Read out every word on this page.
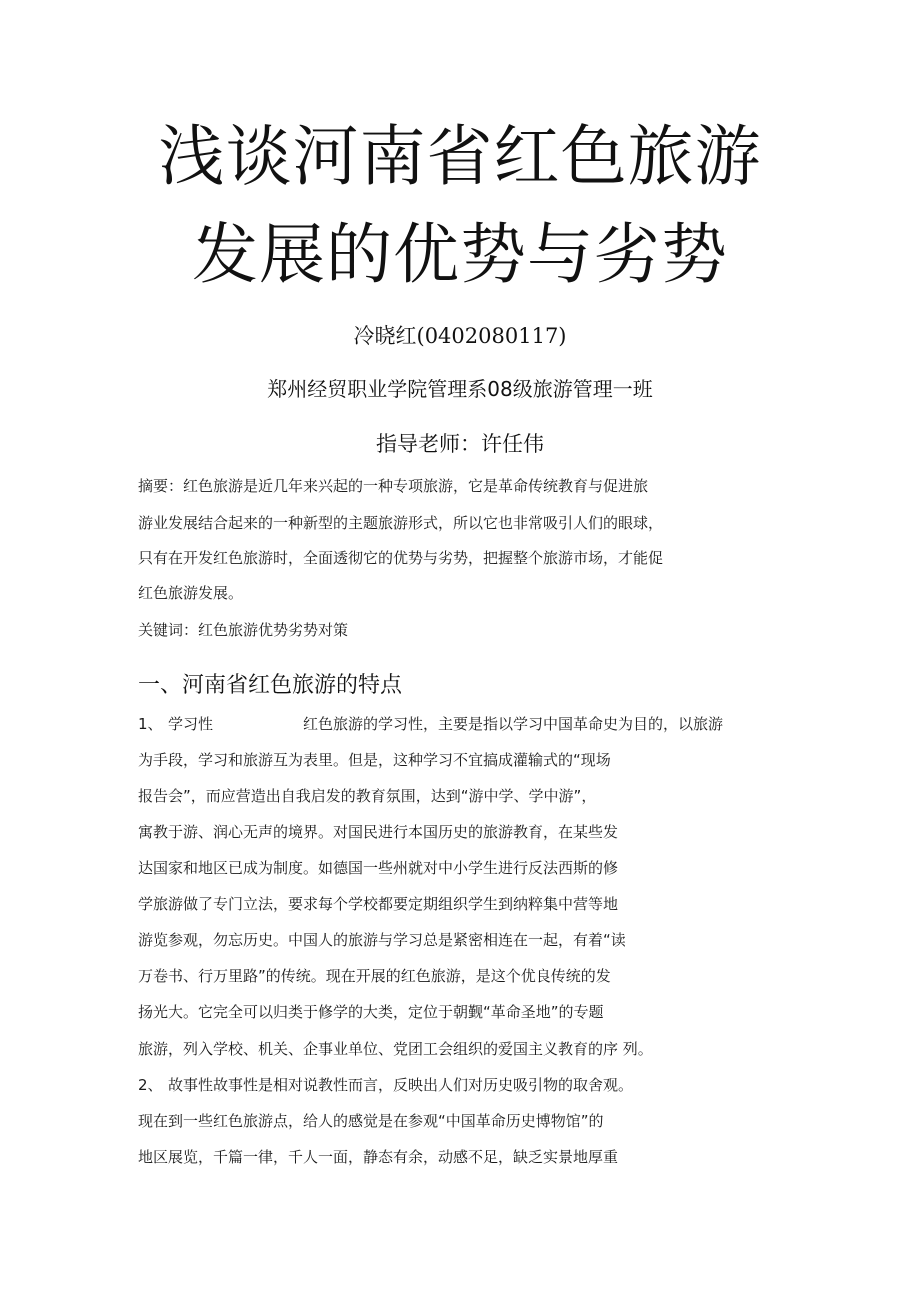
浅谈河南省红色旅游
发展的优势与劣势
冷晓红(0402080117)
郑州经贸职业学院管理系08级旅游管理一班
指导老师：许任伟
摘要：红色旅游是近几年来兴起的一种专项旅游，它是革命传统教育与促进旅
游业发展结合起来的一种新型的主题旅游形式，所以它也非常吸引人们的眼球，
只有在开发红色旅游时，全面透彻它的优势与劣势，把握整个旅游市场，才能促
红色旅游发展。
关键词：红色旅游优势劣势对策
一、河南省红色旅游的特点
1、 学习性	红色旅游的学习性，主要是指以学习中国革命史为目的，以旅游
为手段，学习和旅游互为表里。但是，这种学习不宜搞成灌输式的“现场
报告会”，而应营造出自我启发的教育氛围，达到“游中学、学中游”，
寓教于游、润心无声的境界。对国民进行本国历史的旅游教育，在某些发
达国家和地区已成为制度。如德国一些州就对中小学生进行反法西斯的修
学旅游做了专门立法，要求每个学校都要定期组织学生到纳粹集中营等地
游览参观，勿忘历史。中国人的旅游与学习总是紧密相连在一起，有着“读
万卷书、行万里路”的传统。现在开展的红色旅游，是这个优良传统的发
扬光大。它完全可以归类于修学的大类，定位于朝觐“革命圣地”的专题
旅游，列入学校、机关、企事业单位、党团工会组织的爱国主义教育的序 列。
2、 故事性故事性是相对说教性而言，反映出人们对历史吸引物的取舍观。
现在到一些红色旅游点，给人的感觉是在参观“中国革命历史博物馆”的
地区展览，千篇一律，千人一面，静态有余，动感不足，缺乏实景地厚重
